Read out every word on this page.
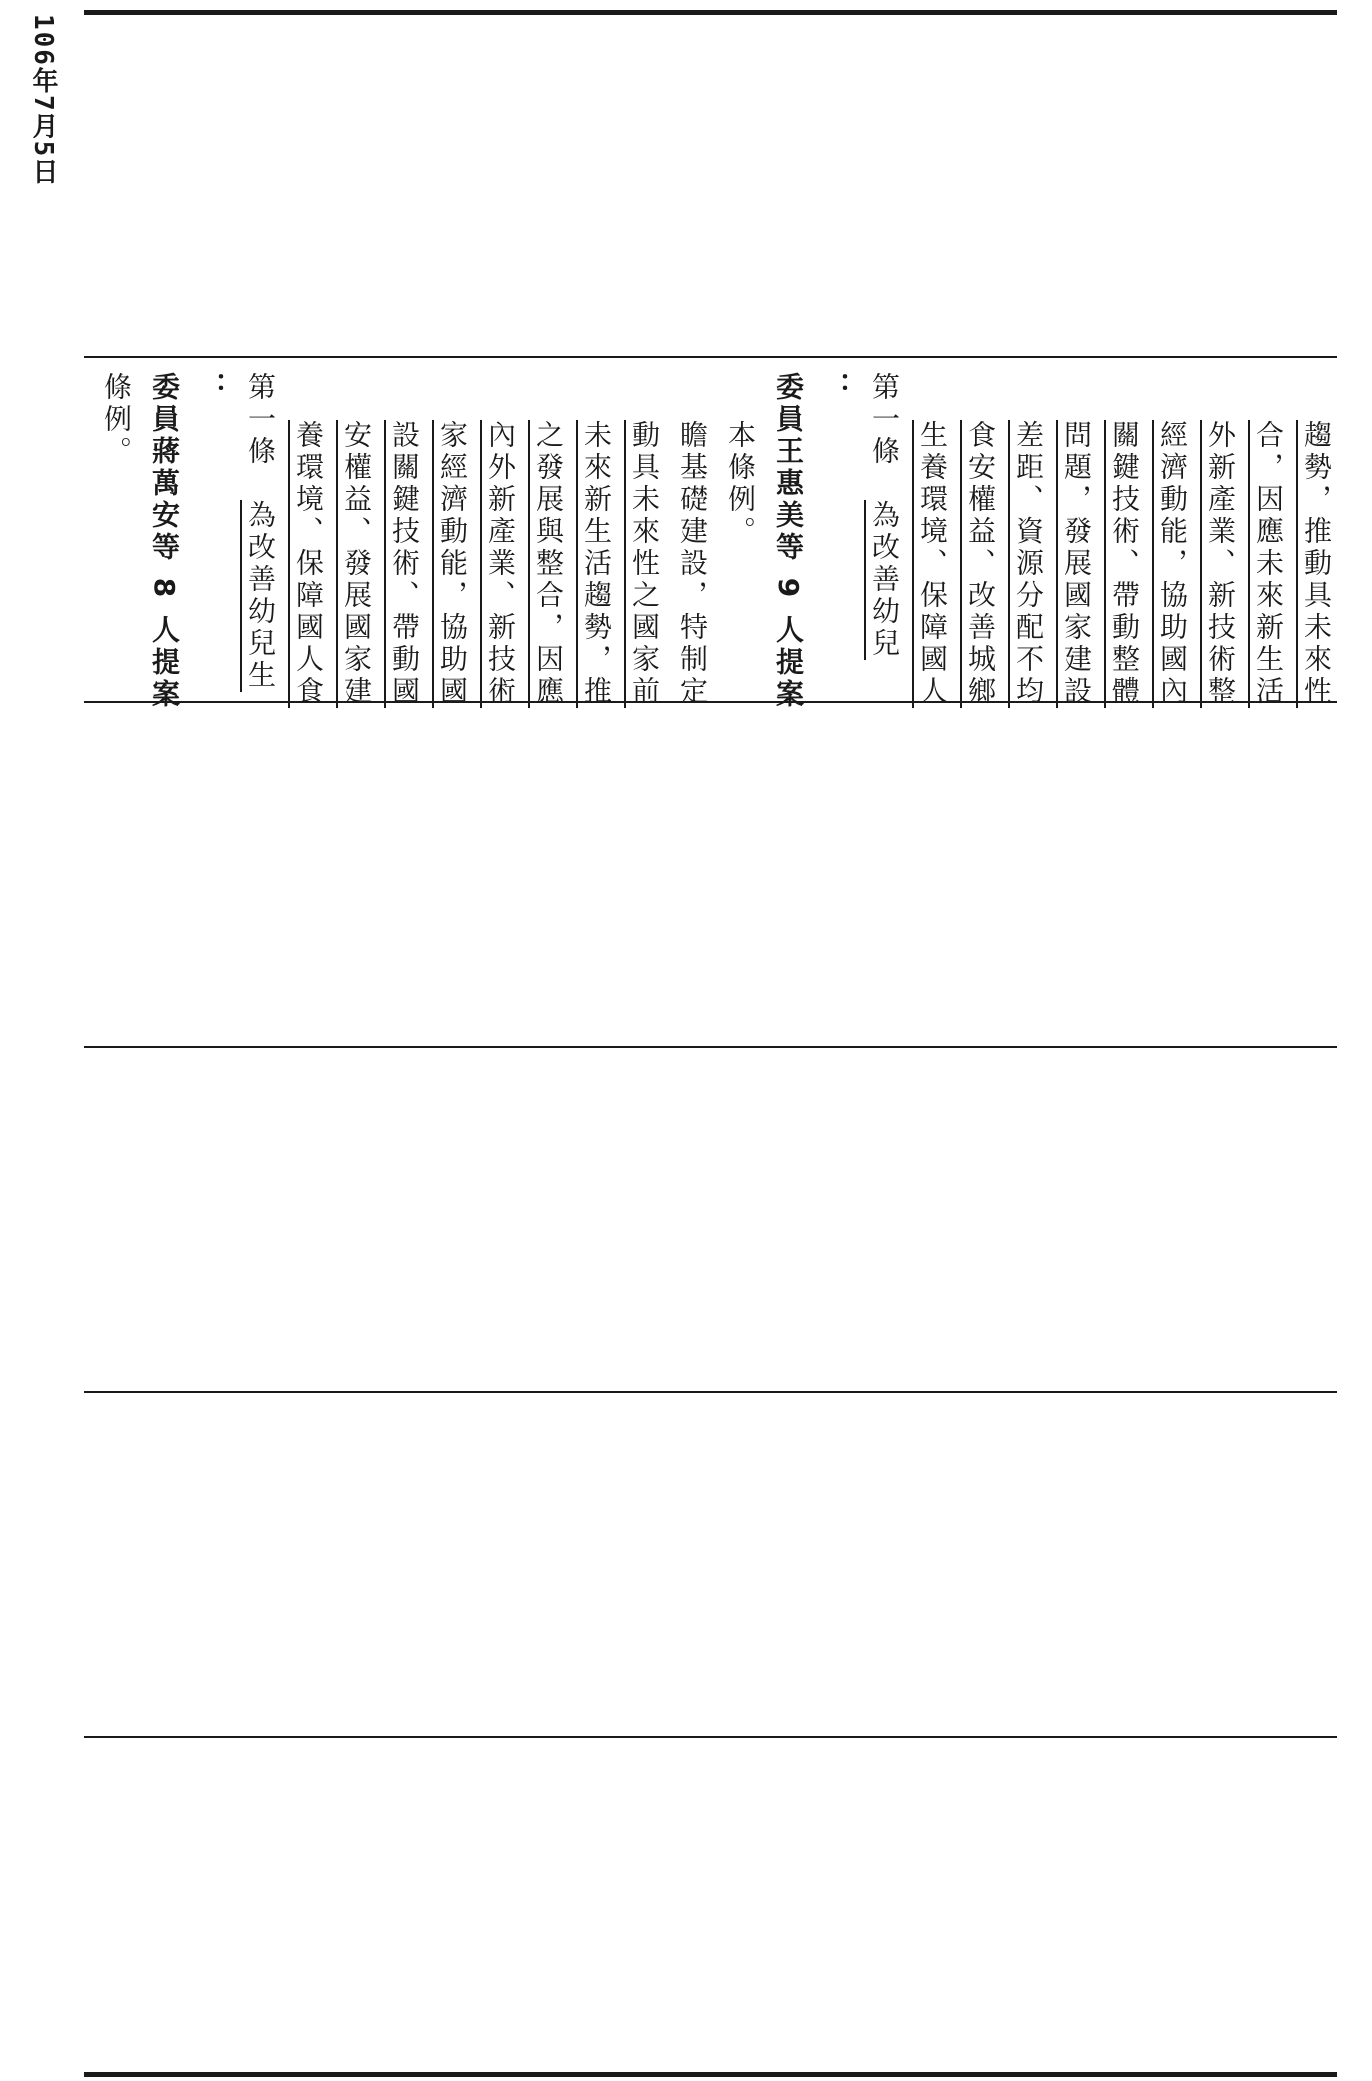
106年7月5日
條例。 委員蔣萬安等 8 人提案 ： 第一條　為改善幼兒生 養環境、保障國人食 安權益、發展國家建 設關鍵技術、帶動國 家經濟動能，協助國 內外新產業、新技術 之發展與整合，因應 未來新生活趨勢，推 動具未來性之國家前 瞻基礎建設，特制定 本條例。 委員王惠美等 9 人提案 ： 第一條　為改善幼兒 生養環境、保障國人 食安權益、改善城鄉 差距、資源分配不均 問題，發展國家建設 關鍵技術、帶動整體 經濟動能，協助國內 外新產業、新技術整 合，因應未來新生活 趨勢，推動具未來性
